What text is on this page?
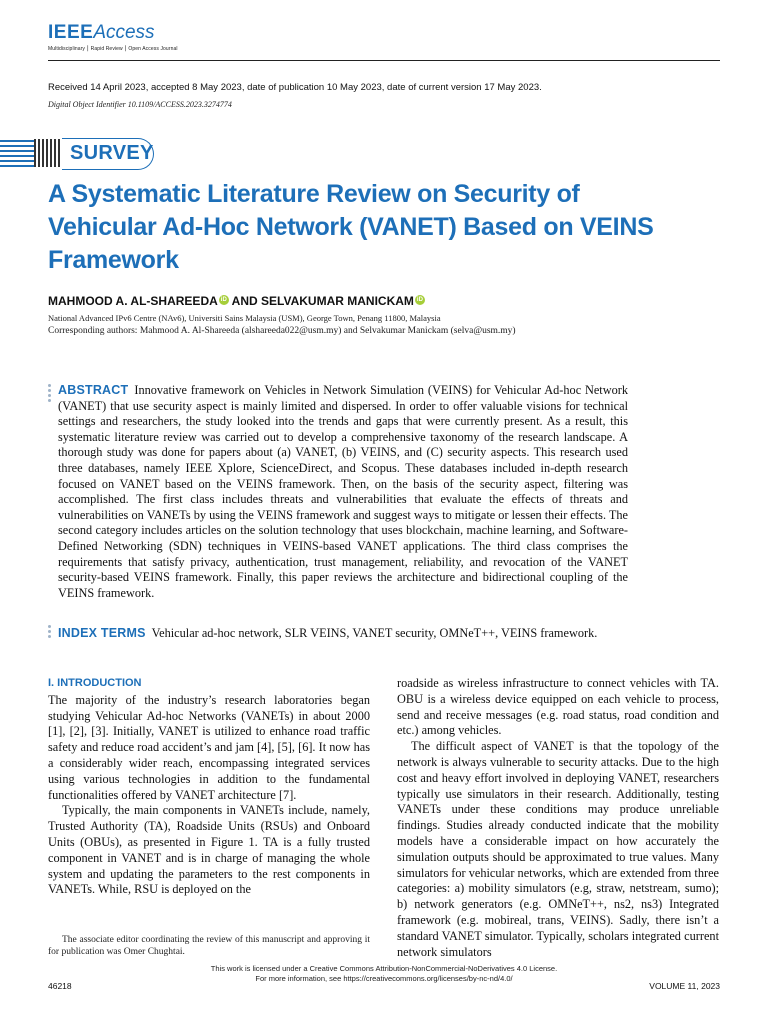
IEEEAccess
Multidisciplinary ⎮ Rapid Review ⎮ Open Access Journal
Received 14 April 2023, accepted 8 May 2023, date of publication 10 May 2023, date of current version 17 May 2023.
Digital Object Identifier 10.1109/ACCESS.2023.3274774
SURVEY
A Systematic Literature Review on Security of Vehicular Ad-Hoc Network (VANET) Based on VEINS Framework
MAHMOOD A. AL-SHAREEDA iD AND SELVAKUMAR MANICKAM iD
National Advanced IPv6 Centre (NAv6), Universiti Sains Malaysia (USM), George Town, Penang 11800, Malaysia
Corresponding authors: Mahmood A. Al-Shareeda (alshareeda022@usm.my) and Selvakumar Manickam (selva@usm.my)
ABSTRACT Innovative framework on Vehicles in Network Simulation (VEINS) for Vehicular Ad-hoc Network (VANET) that use security aspect is mainly limited and dispersed. In order to offer valuable visions for technical settings and researchers, the study looked into the trends and gaps that were currently present. As a result, this systematic literature review was carried out to develop a comprehensive taxonomy of the research landscape. A thorough study was done for papers about (a) VANET, (b) VEINS, and (C) security aspects. This research used three databases, namely IEEE Xplore, ScienceDirect, and Scopus. These databases included in-depth research focused on VANET based on the VEINS framework. Then, on the basis of the security aspect, filtering was accomplished. The first class includes threats and vulnerabilities that evaluate the effects of threats and vulnerabilities on VANETs by using the VEINS framework and suggest ways to mitigate or lessen their effects. The second category includes articles on the solution technology that uses blockchain, machine learning, and Software-Defined Networking (SDN) techniques in VEINS-based VANET applications. The third class comprises the requirements that satisfy privacy, authentication, trust management, reliability, and revocation of the VANET security-based VEINS framework. Finally, this paper reviews the architecture and bidirectional coupling of the VEINS framework.
INDEX TERMS Vehicular ad-hoc network, SLR VEINS, VANET security, OMNeT++, VEINS framework.
I. INTRODUCTION

The majority of the industry’s research laboratories began studying Vehicular Ad-hoc Networks (VANETs) in about 2000 [1], [2], [3]. Initially, VANET is utilized to enhance road traffic safety and reduce road accident’s and jam [4], [5], [6]. It now has a considerably wider reach, encompassing integrated services using various technologies in addition to the fundamental functionalities offered by VANET architecture [7].

Typically, the main components in VANETs include, namely, Trusted Authority (TA), Roadside Units (RSUs) and Onboard Units (OBUs), as presented in Figure 1. TA is a fully trusted component in VANET and is in charge of managing the whole system and updating the parameters to the rest components in VANETs. While, RSU is deployed on the

The associate editor coordinating the review of this manuscript and approving it for publication was Omer Chughtai.

roadside as wireless infrastructure to connect vehicles with TA. OBU is a wireless device equipped on each vehicle to process, send and receive messages (e.g. road status, road condition and etc.) among vehicles.

The difficult aspect of VANET is that the topology of the network is always vulnerable to security attacks. Due to the high cost and heavy effort involved in deploying VANET, researchers typically use simulators in their research. Additionally, testing VANETs under these conditions may produce unreliable findings. Studies already conducted indicate that the mobility models have a considerable impact on how accurately the simulation outputs should be approximated to true values. Many simulators for vehicular networks, which are extended from three categories: a) mobility simulators (e.g, straw, netstream, sumo); b) network generators (e.g. OMNeT++, ns2, ns3) Integrated framework (e.g. mobireal, trans, VEINS). Sadly, there isn’t a standard VANET simulator. Typically, scholars integrated current network simulators

This work is licensed under a Creative Commons Attribution-NonCommercial-NoDerivatives 4.0 License.
For more information, see https://creativecommons.org/licenses/by-nc-nd/4.0/
46218	VOLUME 11, 2023
